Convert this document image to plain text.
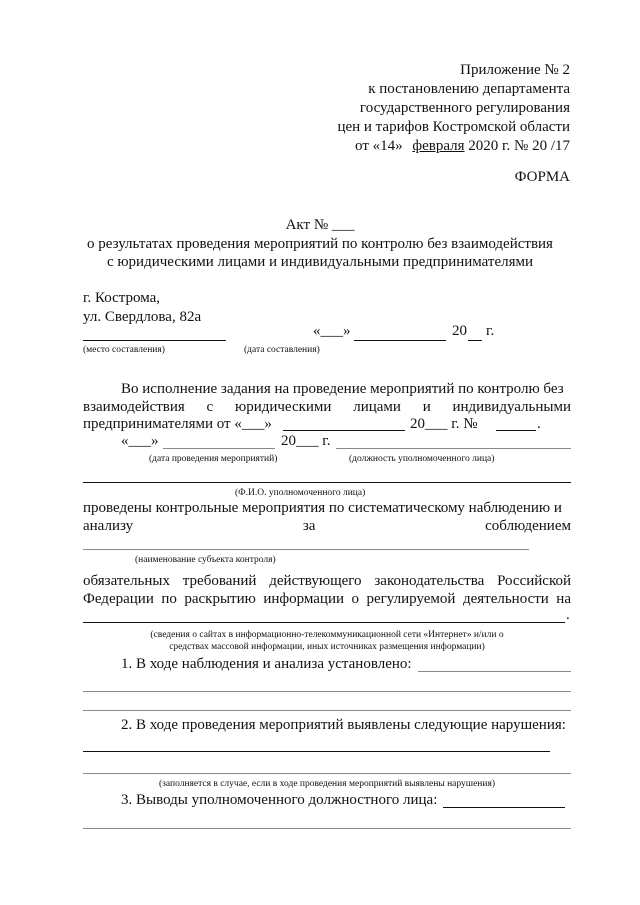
Приложение № 2
к постановлению департамента
государственного регулирования
цен и тарифов Костромской области
от «14» февраля 2020 г. № 20 /17
ФОРМА
Акт № ___
о результатах проведения мероприятий по контролю без взаимодействия
с юридическими лицами и индивидуальными предпринимателями
г. Кострома,
ул. Свердлова, 82а
«___»	20 г.
(место составления)	(дата составления)
Во исполнение задания на проведение мероприятий по контролю без
взаимодействия с юридическими лицами и индивидуальными
предпринимателями от «___»	20___ г. №	.
«___»	20___ г.
(дата проведения мероприятий)	(должность уполномоченного лица)
(Ф.И.О. уполномоченного лица)
проведены контрольные мероприятия по систематическому наблюдению и
анализу за соблюдением
(наименование субъекта контроля)
обязательных требований действующего законодательства Российской
Федерации по раскрытию информации о регулируемой деятельности на
.
(сведения о сайтах в информационно-телекоммуникационной сети «Интернет» и/или о
средствах массовой информации, иных источниках размещения информации)
1. В ходе наблюдения и анализа установлено:
2. В ходе проведения мероприятий выявлены следующие нарушения:
(заполняется в случае, если в ходе проведения мероприятий выявлены нарушения)
3. Выводы уполномоченного должностного лица:
